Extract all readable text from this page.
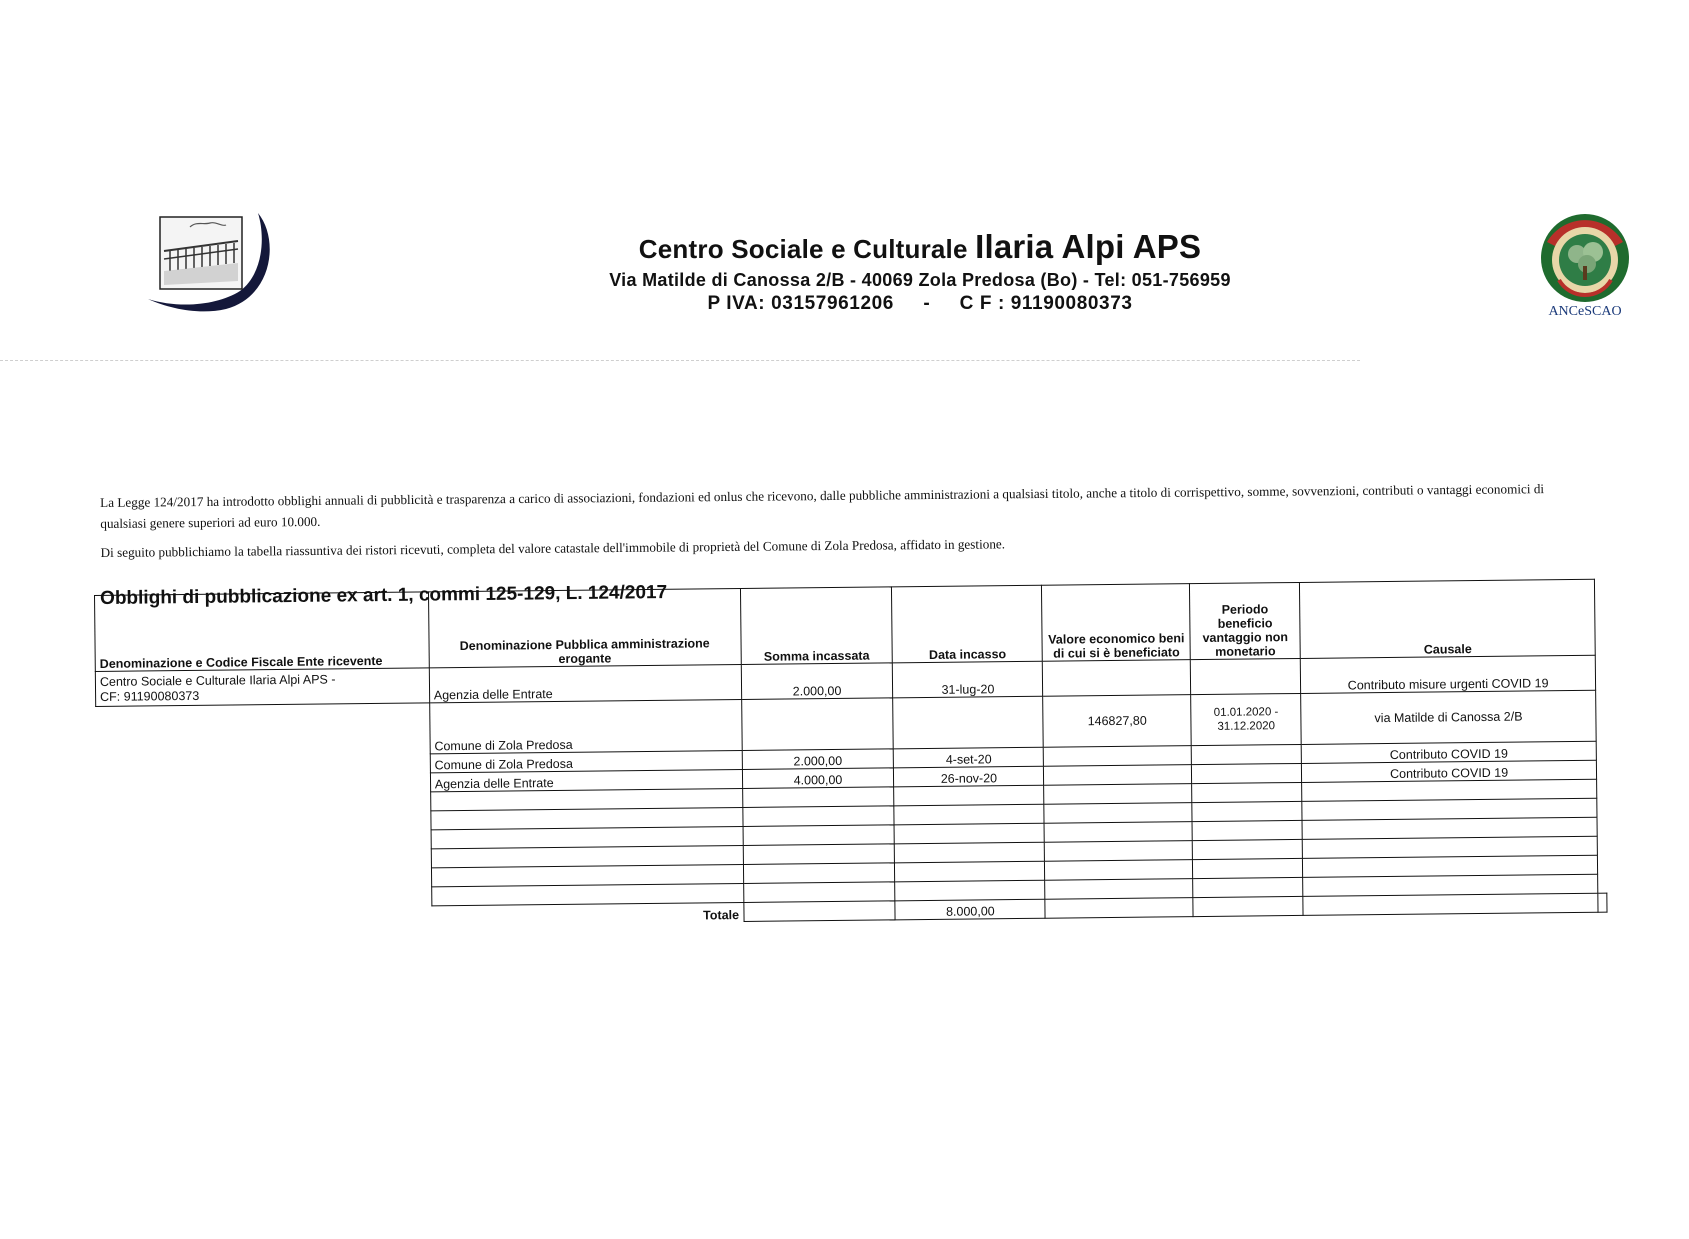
Centro Sociale e Culturale Ilaria Alpi APS
Via Matilde di Canossa 2/B - 40069 Zola Predosa (Bo) - Tel: 051-756959
P IVA: 03157961206     -     C F : 91190080373	ANCeSCAO

La Legge 124/2017 ha introdotto obblighi annuali di pubblicità e trasparenza a carico di associazioni, fondazioni ed onlus che ricevono, dalle pubbliche amministrazioni a qualsiasi titolo, anche a titolo di corrispettivo, somme, sovvenzioni, contributi o vantaggi economici di qualsiasi genere superiori ad euro 10.000.

Di seguito pubblichiamo la tabella riassuntiva dei ristori ricevuti, completa del valore catastale dell'immobile di proprietà del Comune di Zola Predosa, affidato in gestione.

Obblighi di pubblicazione ex art. 1, commi 125-129, L. 124/2017
Denominazione e Codice Fiscale Ente ricevente	Denominazione Pubblica amministrazione erogante	Somma incassata	Data incasso	Valore economico beni di cui si è beneficiato	Periodo beneficio vantaggio non monetario	Causale	

Centro Sociale e Culturale Ilaria Alpi APS -
CF: 91190080373	Agenzia delle Entrate	2.000,00	31-lug-20			Contributo misure urgenti COVID 19	
	Comune di Zola Predosa			146827,80	01.01.2020 -
31.12.2020	via Matilde di Canossa 2/B	
	Comune di Zola Predosa	2.000,00	4-set-20			Contributo COVID 19	
	Agenzia delle Entrate	4.000,00	26-nov-20			Contributo COVID 19	

	Totale		8.000,00				
